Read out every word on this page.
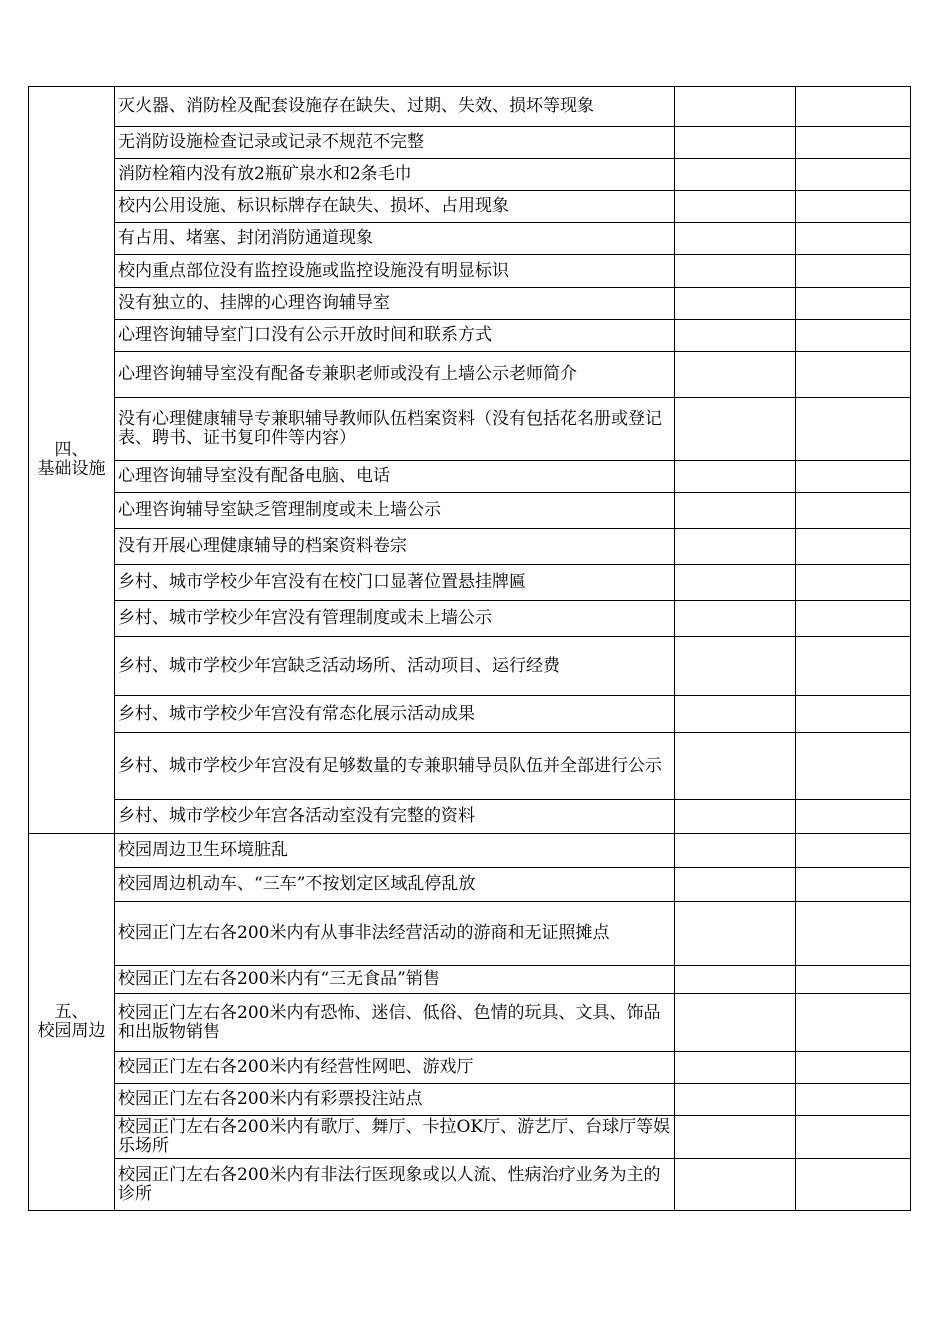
四、
基础设施	灭火器、消防栓及配套设施存在缺失、过期、失效、损坏等现象		
	无消防设施检查记录或记录不规范不完整		
	消防栓箱内没有放2瓶矿泉水和2条毛巾		
	校内公用设施、标识标牌存在缺失、损坏、占用现象		
	有占用、堵塞、封闭消防通道现象		
	校内重点部位没有监控设施或监控设施没有明显标识		
	没有独立的、挂牌的心理咨询辅导室		
	心理咨询辅导室门口没有公示开放时间和联系方式		
	心理咨询辅导室没有配备专兼职老师或没有上墙公示老师简介		
	没有心理健康辅导专兼职辅导教师队伍档案资料（没有包括花名册或登记表、聘书、证书复印件等内容）		
	心理咨询辅导室没有配备电脑、电话		
	心理咨询辅导室缺乏管理制度或未上墙公示		
	没有开展心理健康辅导的档案资料卷宗		
	乡村、城市学校少年宫没有在校门口显著位置悬挂牌匾		
	乡村、城市学校少年宫没有管理制度或未上墙公示		
	乡村、城市学校少年宫缺乏活动场所、活动项目、运行经费		
	乡村、城市学校少年宫没有常态化展示活动成果		
	乡村、城市学校少年宫没有足够数量的专兼职辅导员队伍并全部进行公示		
	乡村、城市学校少年宫各活动室没有完整的资料		

五、
校园周边	校园周边卫生环境脏乱		
	校园周边机动车、“三车”不按划定区域乱停乱放		
	校园正门左右各200米内有从事非法经营活动的游商和无证照摊点		
	校园正门左右各200米内有“三无食品”销售		
	校园正门左右各200米内有恐怖、迷信、低俗、色情的玩具、文具、饰品和出版物销售		
	校园正门左右各200米内有经营性网吧、游戏厅		
	校园正门左右各200米内有彩票投注站点		
	校园正门左右各200米内有歌厅、舞厅、卡拉OK厅、游艺厅、台球厅等娱乐场所		
	校园正门左右各200米内有非法行医现象或以人流、性病治疗业务为主的诊所		
